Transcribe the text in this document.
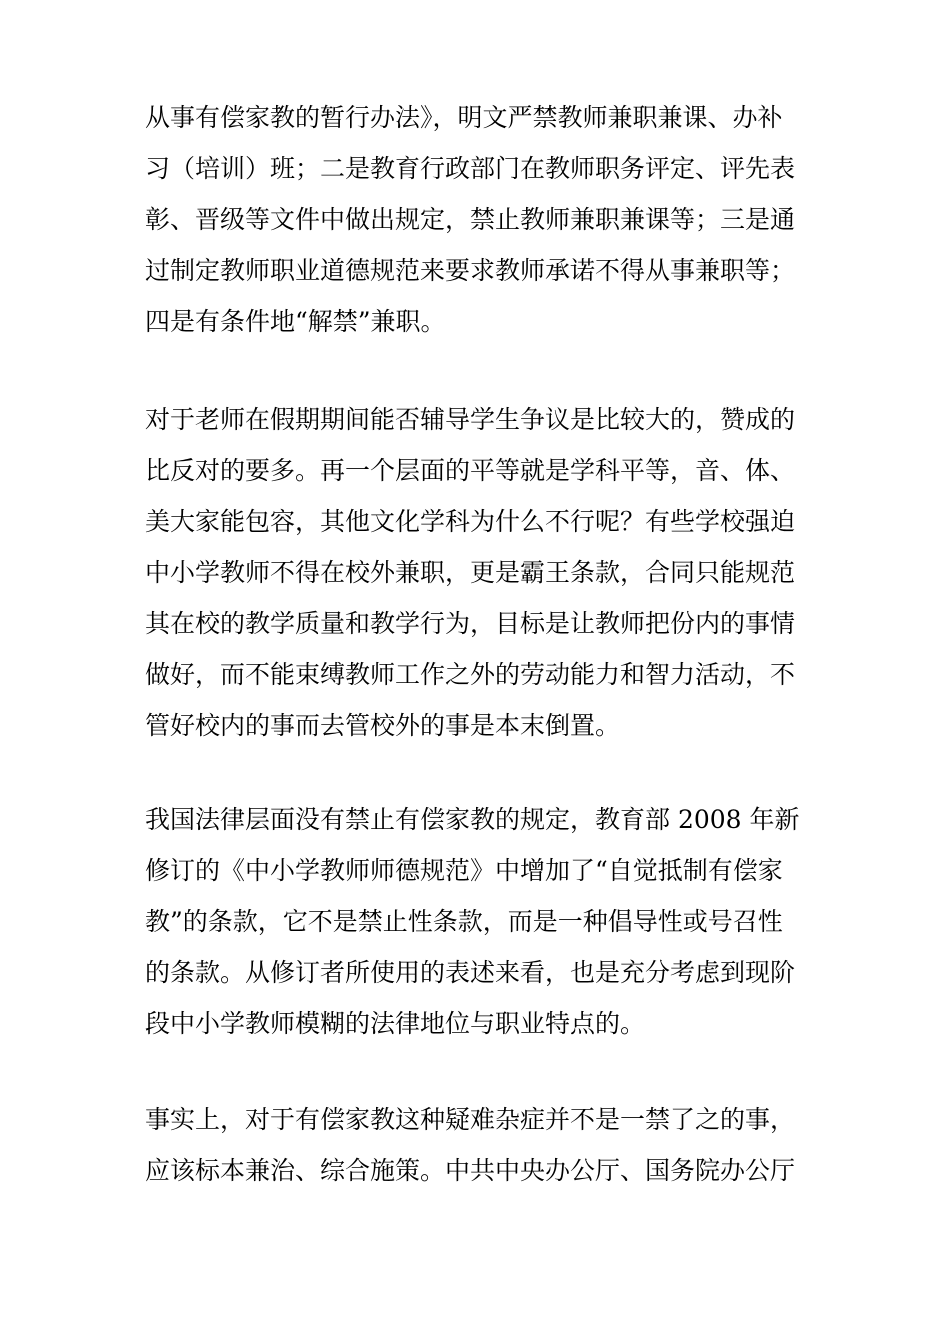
从事有偿家教的暂行办法》，明文严禁教师兼职兼课、办补
习（培训）班；二是教育行政部门在教师职务评定、评先表
彰、晋级等文件中做出规定，禁止教师兼职兼课等；三是通
过制定教师职业道德规范来要求教师承诺不得从事兼职等；
四是有条件地“解禁”兼职。
对于老师在假期期间能否辅导学生争议是比较大的，赞成的
比反对的要多。再一个层面的平等就是学科平等，音、体、
美大家能包容，其他文化学科为什么不行呢？有些学校强迫
中小学教师不得在校外兼职，更是霸王条款，合同只能规范
其在校的教学质量和教学行为，目标是让教师把份内的事情
做好，而不能束缚教师工作之外的劳动能力和智力活动，不
管好校内的事而去管校外的事是本末倒置。
我国法律层面没有禁止有偿家教的规定，教育部 2008 年新
修订的《中小学教师师德规范》中增加了“自觉抵制有偿家
教”的条款，它不是禁止性条款，而是一种倡导性或号召性
的条款。从修订者所使用的表述来看，也是充分考虑到现阶
段中小学教师模糊的法律地位与职业特点的。
事实上，对于有偿家教这种疑难杂症并不是一禁了之的事，
应该标本兼治、综合施策。中共中央办公厅、国务院办公厅
